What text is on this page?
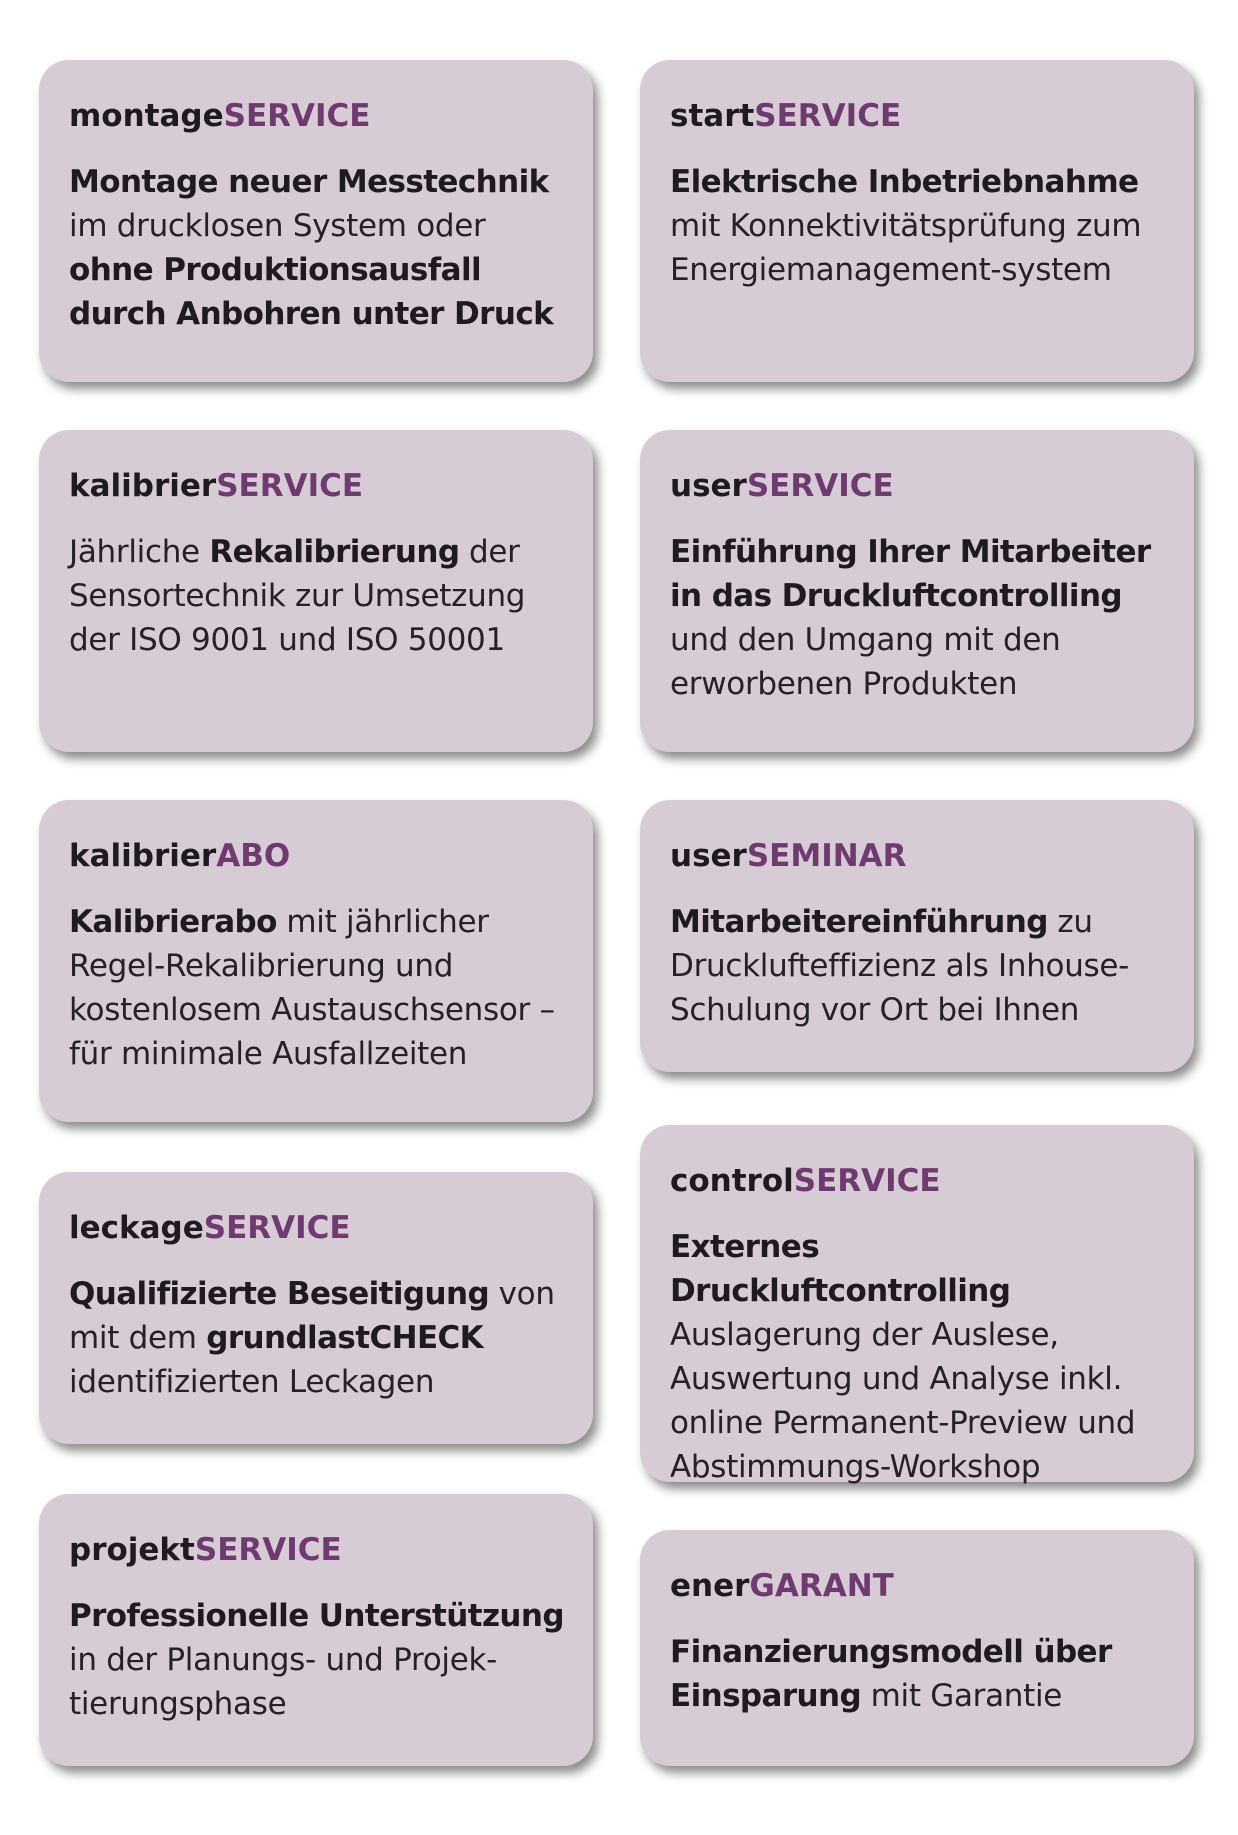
montageSERVICE

Montage neuer Messtechnik im drucklosen System oder ohne Produktionsausfall durch Anbohren unter Druck

kalibrierSERVICE

Jährliche Rekalibrierung der Sensortechnik zur Umsetzung der ISO 9001 und ISO 50001

kalibrierABO

Kalibrierabo mit jährlicher Regel-Rekalibrierung und kostenlosem Austauschsensor – für minimale Ausfallzeiten

leckageSERVICE

Qualifizierte Beseitigung von mit dem grundlastCHECK identifizierten Leckagen

projektSERVICE

Professionelle Unterstützung in der Planungs- und Projek-tierungsphase

startSERVICE

Elektrische Inbetriebnahme mit Konnektivitätsprüfung zum Energiemanagement-system

userSERVICE

Einführung Ihrer Mitarbeiter in das Druckluftcontrolling und den Umgang mit den erworbenen Produkten

userSEMINAR

Mitarbeitereinführung zu Drucklufteffizienz als Inhouse-Schulung vor Ort bei Ihnen

controlSERVICE

Externes Druckluftcontrolling Auslagerung der Auslese, Auswertung und Analyse inkl. online Permanent-Preview und Abstimmungs-Workshop

enerGARANT

Finanzierungsmodell über Einsparung mit Garantie
